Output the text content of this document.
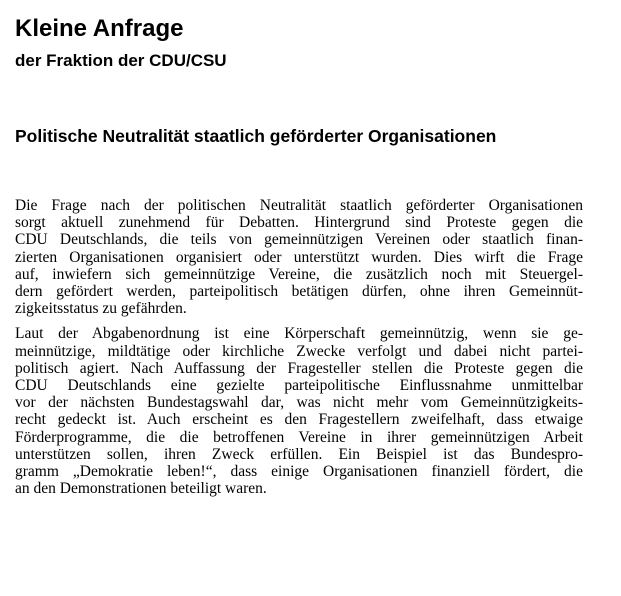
Kleine Anfrage
der Fraktion der CDU/CSU
Politische Neutralität staatlich geförderter Organisationen

Die Frage nach der politischen Neutralität staatlich geförderter Organisationen
sorgt aktuell zunehmend für Debatten. Hintergrund sind Proteste gegen die
CDU Deutschlands, die teils von gemeinnützigen Vereinen oder staatlich finan-
zierten Organisationen organisiert oder unterstützt wurden. Dies wirft die Frage
auf, inwiefern sich gemeinnützige Vereine, die zusätzlich noch mit Steuergel-
dern gefördert werden, parteipolitisch betätigen dürfen, ohne ihren Gemeinnüt-
zigkeitsstatus zu gefährden.

Laut der Abgabenordnung ist eine Körperschaft gemeinnützig, wenn sie ge-
meinnützige, mildtätige oder kirchliche Zwecke verfolgt und dabei nicht partei-
politisch agiert. Nach Auffassung der Fragesteller stellen die Proteste gegen die
CDU Deutschlands eine gezielte parteipolitische Einflussnahme unmittelbar
vor der nächsten Bundestagswahl dar, was nicht mehr vom Gemeinnützigkeits-
recht gedeckt ist. Auch erscheint es den Fragestellern zweifelhaft, dass etwaige
Förderprogramme, die die betroffenen Vereine in ihrer gemeinnützigen Arbeit
unterstützen sollen, ihren Zweck erfüllen. Ein Beispiel ist das Bundespro-
gramm „Demokratie leben!“, dass einige Organisationen finanziell fördert, die
an den Demonstrationen beteiligt waren.
